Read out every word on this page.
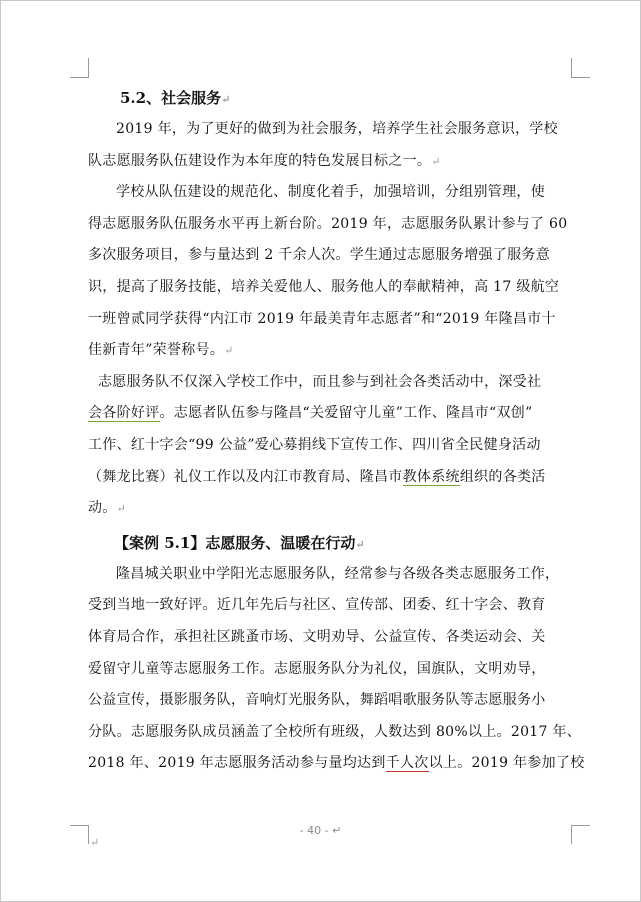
5.2、社会服务↵

2019 年，为了更好的做到为社会服务，培养学生社会服务意识，学校

队志愿服务队伍建设作为本年度的特色发展目标之一。↵

学校从队伍建设的规范化、制度化着手，加强培训，分组别管理，使

得志愿服务队伍服务水平再上新台阶。2019 年，志愿服务队累计参与了 60

多次服务项目，参与量达到 2 千余人次。学生通过志愿服务增强了服务意

识，提高了服务技能，培养关爱他人、服务他人的奉献精神，高 17 级航空

一班曾贰同学获得“内江市 2019 年最美青年志愿者”和“2019 年隆昌市十

佳新青年”荣誉称号。↵

志愿服务队不仅深入学校工作中，而且参与到社会各类活动中，深受社

会各阶好评。志愿者队伍参与隆昌“关爱留守儿童”工作、隆昌市“双创”

工作、红十字会“99 公益”爱心募捐线下宣传工作、四川省全民健身活动

（舞龙比赛）礼仪工作以及内江市教育局、隆昌市教体系统组织的各类活

动。↵

【案例 5.1】志愿服务、温暖在行动↵

隆昌城关职业中学阳光志愿服务队，经常参与各级各类志愿服务工作，

受到当地一致好评。近几年先后与社区、宣传部、团委、红十字会、教育

体育局合作，承担社区跳蚤市场、文明劝导、公益宣传、各类运动会、关

爱留守儿童等志愿服务工作。志愿服务队分为礼仪，国旗队，文明劝导，

公益宣传，摄影服务队，音响灯光服务队，舞蹈唱歌服务队等志愿服务小

分队。志愿服务队成员涵盖了全校所有班级，人数达到 80%以上。2017 年、

2018 年、2019 年志愿服务活动参与量均达到千人次以上。2019 年参加了校

- 40 - ↵
↵
